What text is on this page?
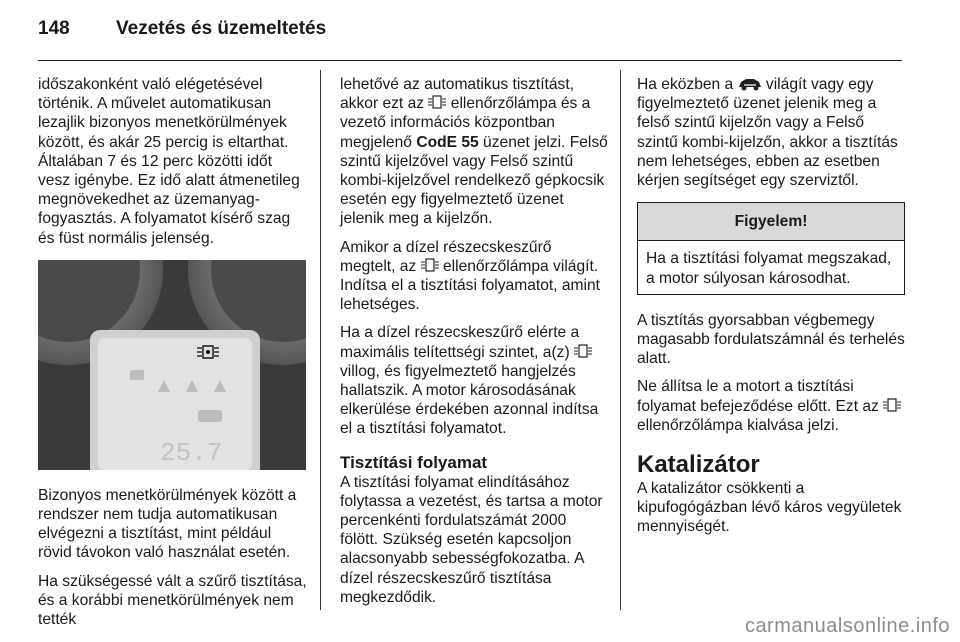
148	Vezetés és üzemeltetés

időszakonként való elégetésével történik. A művelet automatikusan lezajlik bizonyos menetkörülmények között, és akár 25 percig is eltarthat. Általában 7 és 12 perc közötti időt vesz igénybe. Ez idő alatt átmenetileg megnövekedhet az üzemanyag-fogyasztás. A folyamatot kísérő szag és füst normális jelenség.

25.7

Bizonyos menetkörülmények között a rendszer nem tudja automatikusan elvégezni a tisztítást, mint például rövid távokon való használat esetén.

Ha szükségessé vált a szűrő tisztítása, és a korábbi menetkörülmények nem tették

lehetővé az automatikus tisztítást, akkor ezt az ellenőrzőlámpa és a vezető információs központban megjelenő CodE 55 üzenet jelzi. Felső szintű kijelzővel vagy Felső szintű kombi-kijelzővel rendelkező gépkocsik esetén egy figyelmeztető üzenet jelenik meg a kijelzőn.

Amikor a dízel részecskeszűrő megtelt, az ellenőrzőlámpa világít. Indítsa el a tisztítási folyamatot, amint lehetséges.

Ha a dízel részecskeszűrő elérte a maximális telítettségi szintet, a(z)  villog, és figyelmeztető hangjelzés hallatszik. A motor károsodásának elkerülése érdekében azonnal indítsa el a tisztítási folyamatot.

Tisztítási folyamat

A tisztítási folyamat elindításához folytassa a vezetést, és tartsa a motor percenkénti fordulatszámát 2000 fölött. Szükség esetén kapcsoljon alacsonyabb sebességfokozatba. A dízel részecskeszűrő tisztítása megkezdődik.

Ha eközben a világít vagy egy figyelmeztető üzenet jelenik meg a felső szintű kijelzőn vagy a Felső szintű kombi-kijelzőn, akkor a tisztítás nem lehetséges, ebben az esetben kérjen segítséget egy szerviztől.

Figyelem!
Ha a tisztítási folyamat megszakad, a motor súlyosan károsodhat.

A tisztítás gyorsabban végbemegy magasabb fordulatszámnál és terhelés alatt.

Ne állítsa le a motort a tisztítási folyamat befejeződése előtt. Ezt az  ellenőrzőlámpa kialvása jelzi.

Katalizátor

A katalizátor csökkenti a kipufogógázban lévő káros vegyületek mennyiségét.

carmanualsonline.info
